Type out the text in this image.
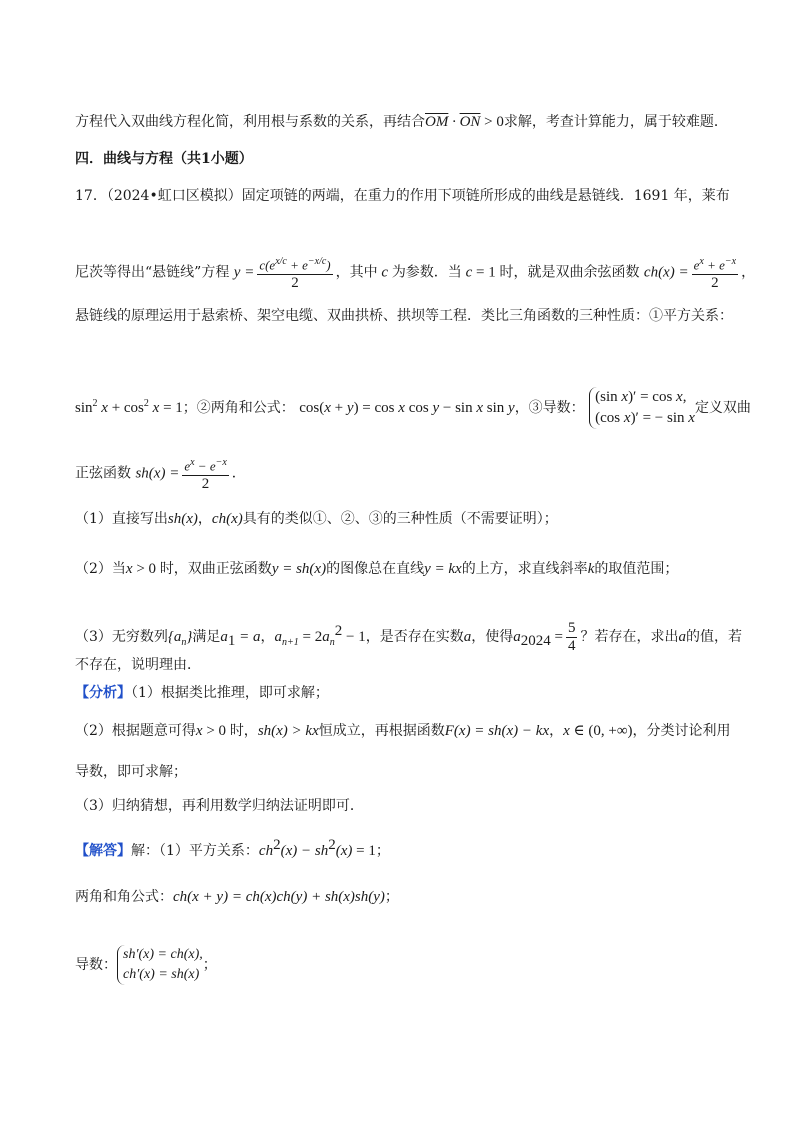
方程代入双曲线方程化简，利用根与系数的关系，再结合$\overline{OM} \cdot \overline{ON} > 0$求解，考查计算能力，属于较难题．
四．曲线与方程（共1小题）
17．（2024•虹口区模拟）固定项链的两端，在重力的作用下项链所形成的曲线是悬链线．1691 年，莱布
尼茨等得出“悬链线”方程 $y = \frac{c(e^{x/c} + e^{-x/c})}{2}$ ，其中 c 为参数．当 c = 1 时，就是双曲余弦函数 $ch(x) = \frac{e^x + e^{-x}}{2}$ ，
悬链线的原理运用于悬索桥、架空电缆、双曲拱桥、拱坝等工程．类比三角函数的三种性质：①平方关系：
$\sin^2 x + \cos^2 x = 1$；②两角和公式： cos(x + y) = cos x cos y − sin x sin y，③导数： (sin x)′ = cos x,
(cos x)′ = − sin x定义双曲
正弦函数 $sh(x) = \frac{e^x - e^{-x}}{2}$ ．
（1）直接写出sh(x)，ch(x)具有的类似①、②、③的三种性质（不需要证明）；
（2）当x > 0 时，双曲正弦函数y = sh(x)的图像总在直线y = kx的上方，求直线斜率k的取值范围；
（3）无穷数列$\{a_n\}$满足$a_1 = a$，$a_{n+1} = 2a_n^2 - 1$，是否存在实数a，使得$a_{2024} = \frac{5}{4}$ ？若存在，求出a的值，若
不存在，说明理由．
【分析】（1）根据类比推理，即可求解；
（2）根据题意可得x > 0 时，sh(x) > kx恒成立，再根据函数F(x) = sh(x) − kx，x ∈ (0, +∞)，分类讨论利用
导数，即可求解；
（3）归纳猜想，再利用数学归纳法证明即可．
【解答】解：（1）平方关系：$ch^2(x) - sh^2(x) = 1$；
两角和角公式：ch(x + y) = ch(x)ch(y) + sh(x)sh(y)；
导数：sh′(x) = ch(x),
ch′(x) = sh(x)；
